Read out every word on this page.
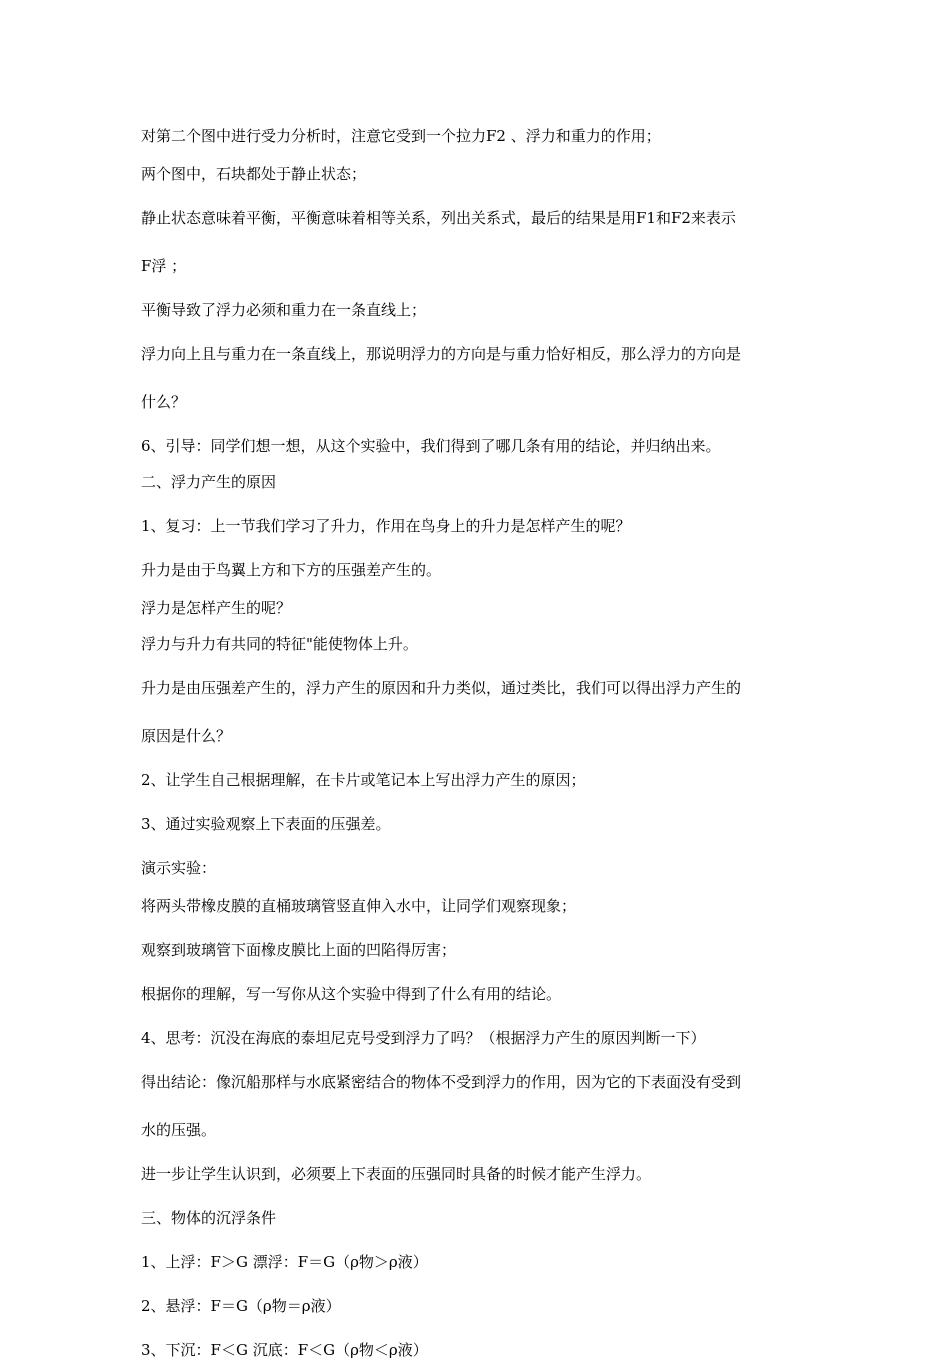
对第二个图中进行受力分析时，注意它受到一个拉力F2 、浮力和重力的作用；

两个图中，石块都处于静止状态；

静止状态意味着平衡，平衡意味着相等关系，列出关系式，最后的结果是用F1和F2来表示

F浮 ；

平衡导致了浮力必须和重力在一条直线上；

浮力向上且与重力在一条直线上，那说明浮力的方向是与重力恰好相反，那么浮力的方向是

什么？

6、引导：同学们想一想，从这个实验中，我们得到了哪几条有用的结论，并归纳出来。

二、浮力产生的原因

1、复习：上一节我们学习了升力，作用在鸟身上的升力是怎样产生的呢？

升力是由于鸟翼上方和下方的压强差产生的。

浮力是怎样产生的呢？

浮力与升力有共同的特征"能使物体上升。

升力是由压强差产生的，浮力产生的原因和升力类似，通过类比，我们可以得出浮力产生的

原因是什么？

2、让学生自己根据理解，在卡片或笔记本上写出浮力产生的原因；

3、通过实验观察上下表面的压强差。

演示实验：

将两头带橡皮膜的直桶玻璃管竖直伸入水中，让同学们观察现象；

观察到玻璃管下面橡皮膜比上面的凹陷得厉害；

根据你的理解，写一写你从这个实验中得到了什么有用的结论。

4、思考：沉没在海底的泰坦尼克号受到浮力了吗？（根据浮力产生的原因判断一下）

得出结论：像沉船那样与水底紧密结合的物体不受到浮力的作用，因为它的下表面没有受到

水的压强。

进一步让学生认识到，必须要上下表面的压强同时具备的时候才能产生浮力。

三、物体的沉浮条件

1、上浮：F＞G 漂浮：F＝G（ρ物＞ρ液）

2、悬浮：F＝G（ρ物＝ρ液）

3、下沉：F＜G 沉底：F＜G（ρ物＜ρ液）
